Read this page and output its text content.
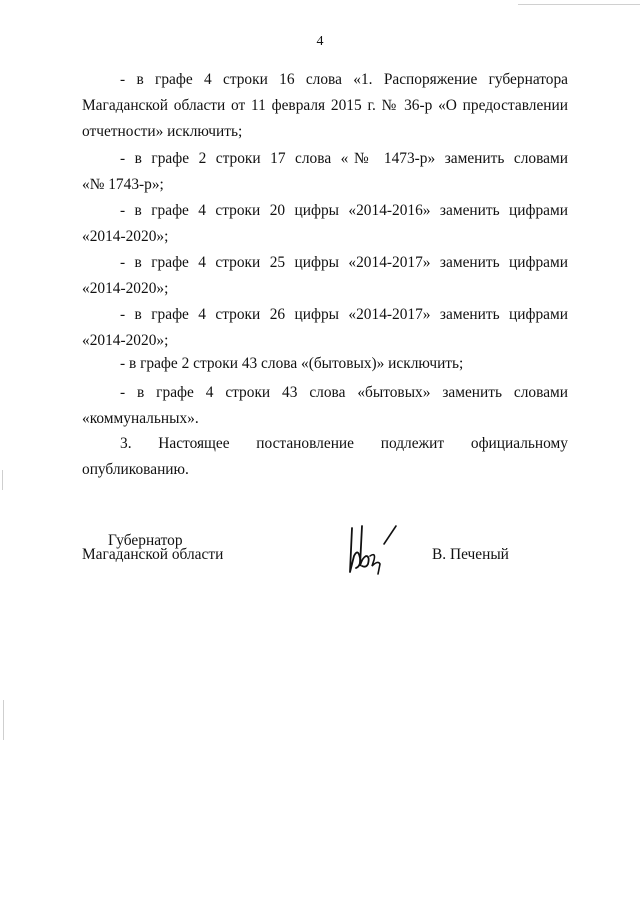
4
- в графе 4 строки 16 слова «1. Распоряжение губернатора
Магаданской области от 11 февраля 2015 г. № 36-р «О предоставлении
отчетности» исключить;
- в графе 2 строки 17 слова «№ 1473-р» заменить словами
«№ 1743-р»;
- в графе 4 строки 20 цифры «2014-2016» заменить цифрами
«2014-2020»;
- в графе 4 строки 25 цифры «2014-2017» заменить цифрами
«2014-2020»;
- в графе 4 строки 26 цифры «2014-2017» заменить цифрами
«2014-2020»;
- в графе 2 строки 43 слова «(бытовых)» исключить;
- в графе 4 строки 43 слова «бытовых» заменить словами
«коммунальных».
3. Настоящее постановление подлежит официальному
опубликованию.
Губернатор
Магаданской области	В. Печеный
